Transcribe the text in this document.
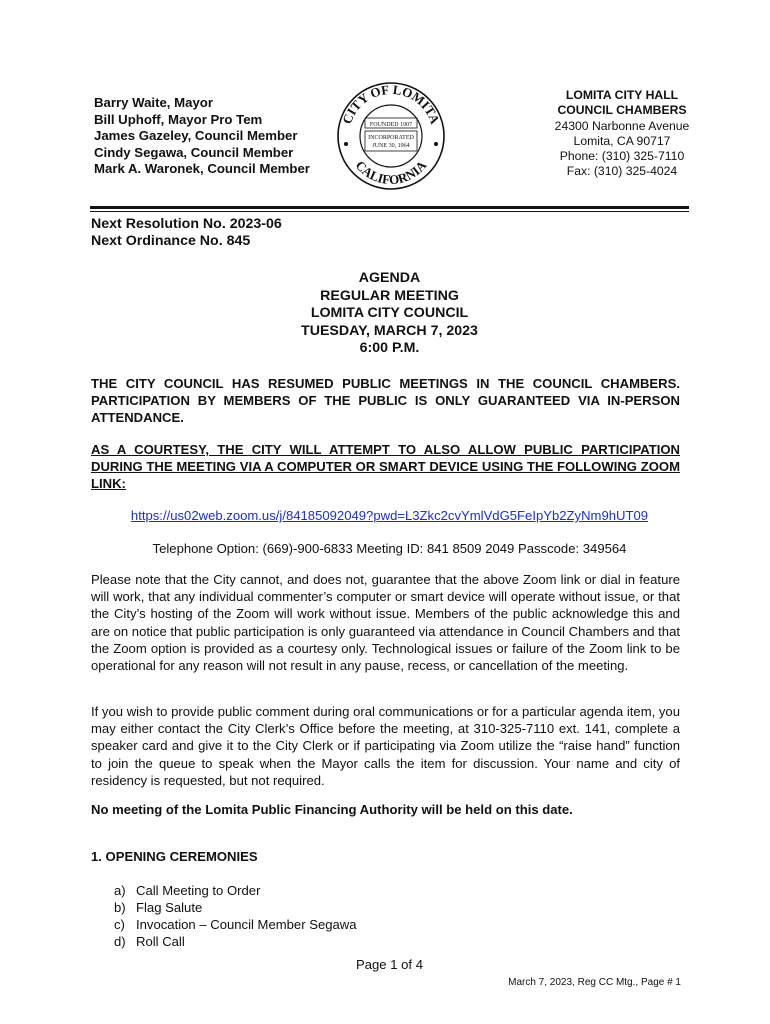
Barry Waite, Mayor
Bill Uphoff, Mayor Pro Tem
James Gazeley, Council Member
Cindy Segawa, Council Member
Mark A. Waronek, Council Member
CITY OF LOMITA
CALIFORNIA
FOUNDED 1907
INCORPORATED
JUNE 30, 1964
LOMITA CITY HALL
COUNCIL CHAMBERS
24300 Narbonne Avenue
Lomita, CA 90717
Phone: (310) 325-7110
Fax: (310) 325-4024
Next Resolution No. 2023-06
Next Ordinance No. 845
AGENDA
REGULAR MEETING
LOMITA CITY COUNCIL
TUESDAY, MARCH 7, 2023
6:00 P.M.
THE CITY COUNCIL HAS RESUMED PUBLIC MEETINGS IN THE COUNCIL CHAMBERS. PARTICIPATION BY MEMBERS OF THE PUBLIC IS ONLY GUARANTEED VIA IN-PERSON ATTENDANCE.
AS A COURTESY, THE CITY WILL ATTEMPT TO ALSO ALLOW PUBLIC PARTICIPATION DURING THE MEETING VIA A COMPUTER OR SMART DEVICE USING THE FOLLOWING ZOOM LINK:
https://us02web.zoom.us/j/84185092049?pwd=L3Zkc2cvYmlVdG5FeIpYb2ZyNm9hUT09
Telephone Option: (669)-900-6833 Meeting ID: 841 8509 2049 Passcode: 349564
Please note that the City cannot, and does not, guarantee that the above Zoom link or dial in feature will work, that any individual commenter’s computer or smart device will operate without issue, or that the City’s hosting of the Zoom will work without issue. Members of the public acknowledge this and are on notice that public participation is only guaranteed via attendance in Council Chambers and that the Zoom option is provided as a courtesy only. Technological issues or failure of the Zoom link to be operational for any reason will not result in any pause, recess, or cancellation of the meeting.
If you wish to provide public comment during oral communications or for a particular agenda item, you may either contact the City Clerk’s Office before the meeting, at 310-325-7110 ext. 141, complete a speaker card and give it to the City Clerk or if participating via Zoom utilize the “raise hand” function to join the queue to speak when the Mayor calls the item for discussion. Your name and city of residency is requested, but not required.
No meeting of the Lomita Public Financing Authority will be held on this date.
1. OPENING CEREMONIES
a) Call Meeting to Order
b) Flag Salute
c) Invocation – Council Member Segawa
d) Roll Call
Page 1 of 4
March 7, 2023, Reg CC Mtg., Page # 1
